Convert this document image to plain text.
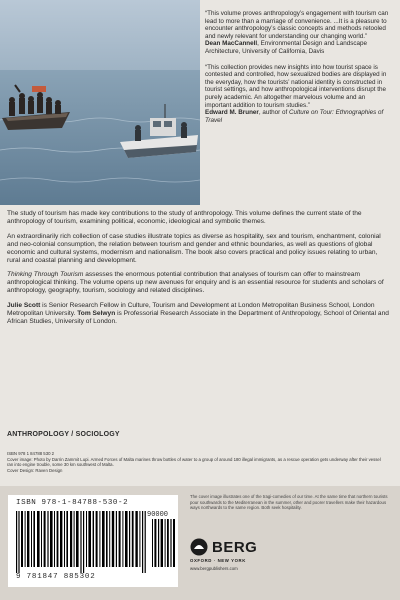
“This volume proves anthropology’s engagement with tourism can lead to more than a marriage of convenience. ...It is a pleasure to encounter anthropology’s classic concepts and methods retooled and newly relevant for understanding our changing world.”
Dean MacCannell, Environmental Design and Landscape Architecture, University of California, Davis
“This collection provides new insights into how tourist space is contested and controlled, how sexualized bodies are displayed in the everyday, how the tourists’ national identity is constructed in tourist settings, and how anthropological interventions disrupt the purely academic. An altogether marvelous volume and an important addition to tourism studies.”
Edward M. Bruner, author of Culture on Tour: Ethnographies of Travel

The study of tourism has made key contributions to the study of anthropology. This volume defines the current state of the anthropology of tourism, examining political, economic, ideological and symbolic themes.

An extraordinarily rich collection of case studies illustrate topics as diverse as hospitality, sex and tourism, enchantment, colonial and neo-colonial consumption, the relation between tourism and gender and ethnic boundaries, as well as questions of global economic and cultural systems, modernism and nationalism. The book also covers practical and policy issues relating to urban, rural and coastal planning and development.

Thinking Through Tourism assesses the enormous potential contribution that analyses of tourism can offer to mainstream anthropological thinking. The volume opens up new avenues for enquiry and is an essential resource for students and scholars of anthropology, geography, tourism, sociology and related disciplines.

Julie Scott is Senior Research Fellow in Culture, Tourism and Development at London Metropolitan Business School, London Metropolitan University. Tom Selwyn is Professorial Research Associate in the Department of Anthropology, School of Oriental and African Studies, University of London.

ANTHROPOLOGY / SOCIOLOGY
ISBN 978 1 84788 530 2
Cover image: Photo by Darrin Zammit Lupi. Armed Forces of Malta marines throw bottles of water to a group of around 180 illegal immigrants, as a rescue operation gets underway after their vessel ran into engine trouble, some 30 km southwest of Malta.
Cover Design: Raven Design
ISBN 978-1-84788-530-2
90000
9 781847 885302
The cover image illustrates one of the tragi-comedies of our time. At the same time that northern tourists pour southwards to the Mediterranean in the summer, other and poorer travellers make their hazardous ways northwards to the same region. Both seek hospitality.
BERG
OXFORD · NEW YORK
www.bergpublishers.com
